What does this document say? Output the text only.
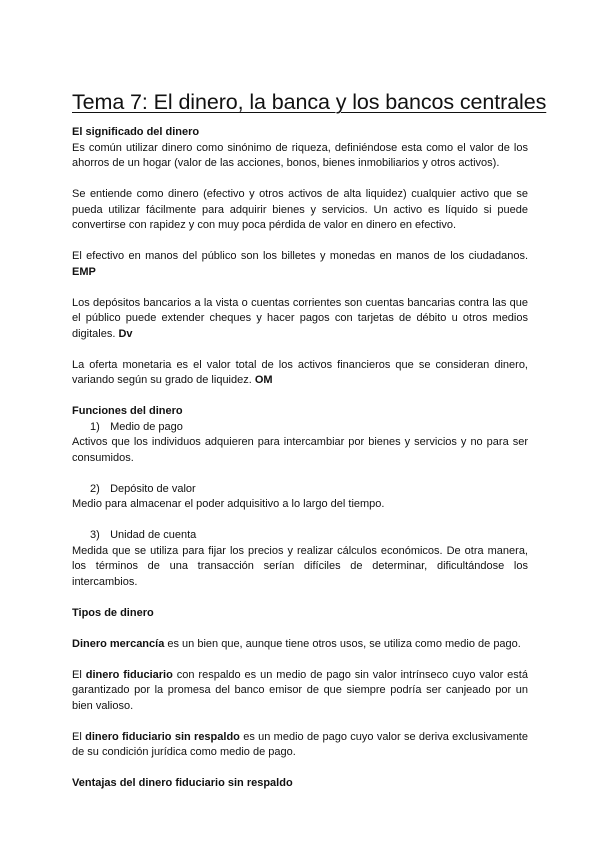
Tema 7: El dinero, la banca y los bancos centrales
El significado del dinero

Es común utilizar dinero como sinónimo de riqueza, definiéndose esta como el valor de los ahorros de un hogar (valor de las acciones, bonos, bienes inmobiliarios y otros activos).

Se entiende como dinero (efectivo y otros activos de alta liquidez) cualquier activo que se pueda utilizar fácilmente para adquirir bienes y servicios. Un activo es líquido si puede convertirse con rapidez y con muy poca pérdida de valor en dinero en efectivo.

El efectivo en manos del público son los billetes y monedas en manos de los ciudadanos. EMP

Los depósitos bancarios a la vista o cuentas corrientes son cuentas bancarias contra las que el público puede extender cheques y hacer pagos con tarjetas de débito u otros medios digitales. Dv

La oferta monetaria es el valor total de los activos financieros que se consideran dinero, variando según su grado de liquidez. OM

Funciones del dinero
1) Medio de pago

Activos que los individuos adquieren para intercambiar por bienes y servicios y no para ser consumidos.

2) Depósito de valor

Medio para almacenar el poder adquisitivo a lo largo del tiempo.

3) Unidad de cuenta

Medida que se utiliza para fijar los precios y realizar cálculos económicos. De otra manera, los términos de una transacción serían difíciles de determinar, dificultándose los intercambios.

Tipos de dinero

Dinero mercancía es un bien que, aunque tiene otros usos, se utiliza como medio de pago.

El dinero fiduciario con respaldo es un medio de pago sin valor intrínseco cuyo valor está garantizado por la promesa del banco emisor de que siempre podría ser canjeado por un bien valioso.

El dinero fiduciario sin respaldo es un medio de pago cuyo valor se deriva exclusivamente de su condición jurídica como medio de pago.

Ventajas del dinero fiduciario sin respaldo
